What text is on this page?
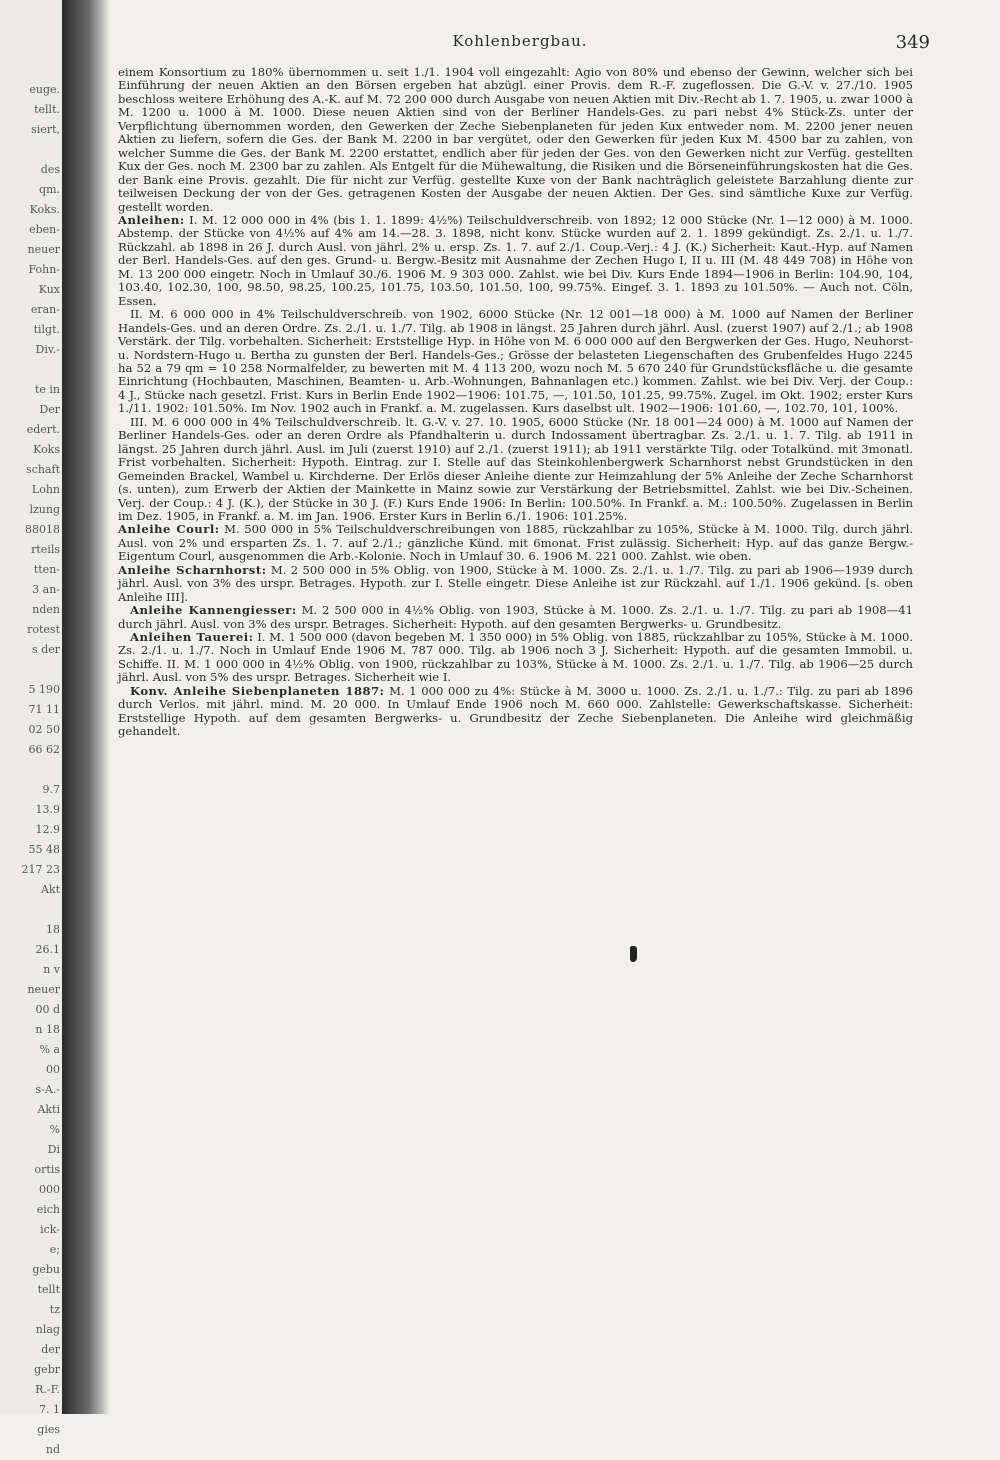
euge.
tellt.
siert,
des
qm.
Koks.
eben-
neuer
Fohn-
Kux
eran-
tilgt.
Div.-
te in
Der
edert.
Koks
schaft
Lohn
lzung
88018
rteils
tten-
3 an-
nden
rotest
s der
5 190
71 11
02 50
66 62
9.7
13.9
12.9
55 48
217 23
Akt
18
26.1
n v
neuer
00 d
n 18
% a
00
s-A.-
Akti
%
Di
ortis
000
eich
ick-
e;
gebu
tellt
tz
nlag
der
gebr
R.-F.
7. 1
gies
nd
Kohlenbergbau.	349

einem Konsortium zu 180% übernommen u. seit 1./1. 1904 voll eingezahlt: Agio von 80% und ebenso der Gewinn, welcher sich bei Einführung der neuen Aktien an den Börsen ergeben hat abzügl. einer Provis. dem R.-F. zugeflossen. Die G.-V. v. 27./10. 1905 beschloss weitere Erhöhung des A.-K. auf M. 72 200 000 durch Ausgabe von neuen Aktien mit Div.-Recht ab 1. 7. 1905, u. zwar 1000 à M. 1200 u. 1000 à M. 1000. Diese neuen Aktien sind von der Berliner Handels-Ges. zu pari nebst 4% Stück-Zs. unter der Verpflichtung übernommen worden, den Gewerken der Zeche Siebenplaneten für jeden Kux entweder nom. M. 2200 jener neuen Aktien zu liefern, sofern die Ges. der Bank M. 2200 in bar vergütet, oder den Gewerken für jeden Kux M. 4500 bar zu zahlen, von welcher Summe die Ges. der Bank M. 2200 erstattet, endlich aber für jeden der Ges. von den Gewerken nicht zur Verfüg. gestellten Kux der Ges. noch M. 2300 bar zu zahlen. Als Entgelt für die Mühewaltung, die Risiken und die Börseneinführungskosten hat die Ges. der Bank eine Provis. gezahlt. Die für nicht zur Verfüg. gestellte Kuxe von der Bank nachträglich geleistete Barzahlung diente zur teilweisen Deckung der von der Ges. getragenen Kosten der Ausgabe der neuen Aktien. Der Ges. sind sämtliche Kuxe zur Verfüg. gestellt worden.

Anleihen: I. M. 12 000 000 in 4% (bis 1. 1. 1899: 4½%) Teilschuldverschreib. von 1892; 12 000 Stücke (Nr. 1—12 000) à M. 1000. Abstemp. der Stücke von 4½% auf 4% am 14.—28. 3. 1898, nicht konv. Stücke wurden auf 2. 1. 1899 gekündigt. Zs. 2./1. u. 1./7. Rückzahl. ab 1898 in 26 J. durch Ausl. von jährl. 2% u. ersp. Zs. 1. 7. auf 2./1. Coup.-Verj.: 4 J. (K.) Sicherheit: Kaut.-Hyp. auf Namen der Berl. Handels-Ges. auf den ges. Grund- u. Bergw.-Besitz mit Ausnahme der Zechen Hugo I, II u. III (M. 48 449 708) in Höhe von M. 13 200 000 eingetr. Noch in Umlauf 30./6. 1906 M. 9 303 000. Zahlst. wie bei Div. Kurs Ende 1894—1906 in Berlin: 104.90, 104, 103.40, 102.30, 100, 98.50, 98.25, 100.25, 101.75, 103.50, 101.50, 100, 99.75%. Eingef. 3. 1. 1893 zu 101.50%. — Auch not. Cöln, Essen.

II. M. 6 000 000 in 4% Teilschuldverschreib. von 1902, 6000 Stücke (Nr. 12 001—18 000) à M. 1000 auf Namen der Berliner Handels-Ges. und an deren Ordre. Zs. 2./1. u. 1./7. Tilg. ab 1908 in längst. 25 Jahren durch jährl. Ausl. (zuerst 1907) auf 2./1.; ab 1908 Verstärk. der Tilg. vorbehalten. Sicherheit: Erststellige Hyp. in Höhe von M. 6 000 000 auf den Bergwerken der Ges. Hugo, Neuhorst- u. Nordstern-Hugo u. Bertha zu gunsten der Berl. Handels-Ges.; Grösse der belasteten Liegenschaften des Grubenfeldes Hugo 2245 ha 52 a 79 qm = 10 258 Normalfelder, zu bewerten mit M. 4 113 200, wozu noch M. 5 670 240 für Grundstücksfläche u. die gesamte Einrichtung (Hochbauten, Maschinen, Beamten- u. Arb.-Wohnungen, Bahnanlagen etc.) kommen. Zahlst. wie bei Div. Verj. der Coup.: 4 J., Stücke nach gesetzl. Frist. Kurs in Berlin Ende 1902—1906: 101.75, —, 101.50, 101.25, 99.75%. Zugel. im Okt. 1902; erster Kurs 1./11. 1902: 101.50%. Im Nov. 1902 auch in Frankf. a. M. zugelassen. Kurs daselbst ult. 1902—1906: 101.60, —, 102.70, 101, 100%.

III. M. 6 000 000 in 4% Teilschuldverschreib. lt. G.-V. v. 27. 10. 1905, 6000 Stücke (Nr. 18 001—24 000) à M. 1000 auf Namen der Berliner Handels-Ges. oder an deren Ordre als Pfandhalterin u. durch Indossament übertragbar. Zs. 2./1. u. 1. 7. Tilg. ab 1911 in längst. 25 Jahren durch jährl. Ausl. im Juli (zuerst 1910) auf 2./1. (zuerst 1911); ab 1911 verstärkte Tilg. oder Totalkünd. mit 3monatl. Frist vorbehalten. Sicherheit: Hypoth. Eintrag. zur I. Stelle auf das Steinkohlenbergwerk Scharnhorst nebst Grundstücken in den Gemeinden Brackel, Wambel u. Kirchderne. Der Erlös dieser Anleihe diente zur Heimzahlung der 5% Anleihe der Zeche Scharnhorst (s. unten), zum Erwerb der Aktien der Mainkette in Mainz sowie zur Verstärkung der Betriebsmittel. Zahlst. wie bei Div.-Scheinen. Verj. der Coup.: 4 J. (K.), der Stücke in 30 J. (F.) Kurs Ende 1906: In Berlin: 100.50%. In Frankf. a. M.: 100.50%. Zugelassen in Berlin im Dez. 1905, in Frankf. a. M. im Jan. 1906. Erster Kurs in Berlin 6./1. 1906: 101.25%.

Anleihe Courl: M. 500 000 in 5% Teilschuldverschreibungen von 1885, rückzahlbar zu 105%, Stücke à M. 1000. Tilg. durch jährl. Ausl. von 2% und ersparten Zs. 1. 7. auf 2./1.; gänzliche Künd. mit 6monat. Frist zulässig. Sicherheit: Hyp. auf das ganze Bergw.-Eigentum Courl, ausgenommen die Arb.-Kolonie. Noch in Umlauf 30. 6. 1906 M. 221 000. Zahlst. wie oben.

Anleihe Scharnhorst: M. 2 500 000 in 5% Oblig. von 1900, Stücke à M. 1000. Zs. 2./1. u. 1./7. Tilg. zu pari ab 1906—1939 durch jährl. Ausl. von 3% des urspr. Betrages. Hypoth. zur I. Stelle eingetr. Diese Anleihe ist zur Rückzahl. auf 1./1. 1906 gekünd. [s. oben Anleihe III].

Anleihe Kannengiesser: M. 2 500 000 in 4½% Oblig. von 1903, Stücke à M. 1000. Zs. 2./1. u. 1./7. Tilg. zu pari ab 1908—41 durch jährl. Ausl. von 3% des urspr. Betrages. Sicherheit: Hypoth. auf den gesamten Bergwerks- u. Grundbesitz.

Anleihen Tauerei: I. M. 1 500 000 (davon begeben M. 1 350 000) in 5% Oblig. von 1885, rückzahlbar zu 105%, Stücke à M. 1000. Zs. 2./1. u. 1./7. Noch in Umlauf Ende 1906 M. 787 000. Tilg. ab 1906 noch 3 J. Sicherheit: Hypoth. auf die gesamten Immobil. u. Schiffe. II. M. 1 000 000 in 4½% Oblig. von 1900, rückzahlbar zu 103%, Stücke à M. 1000. Zs. 2./1. u. 1./7. Tilg. ab 1906—25 durch jährl. Ausl. von 5% des urspr. Betrages. Sicherheit wie I.

Konv. Anleihe Siebenplaneten 1887: M. 1 000 000 zu 4%: Stücke à M. 3000 u. 1000. Zs. 2./1. u. 1./7.: Tilg. zu pari ab 1896 durch Verlos. mit jährl. mind. M. 20 000. In Umlauf Ende 1906 noch M. 660 000. Zahlstelle: Gewerkschaftskasse. Sicherheit: Erststellige Hypoth. auf dem gesamten Bergwerks- u. Grundbesitz der Zeche Siebenplaneten. Die Anleihe wird gleichmäßig gehandelt.
